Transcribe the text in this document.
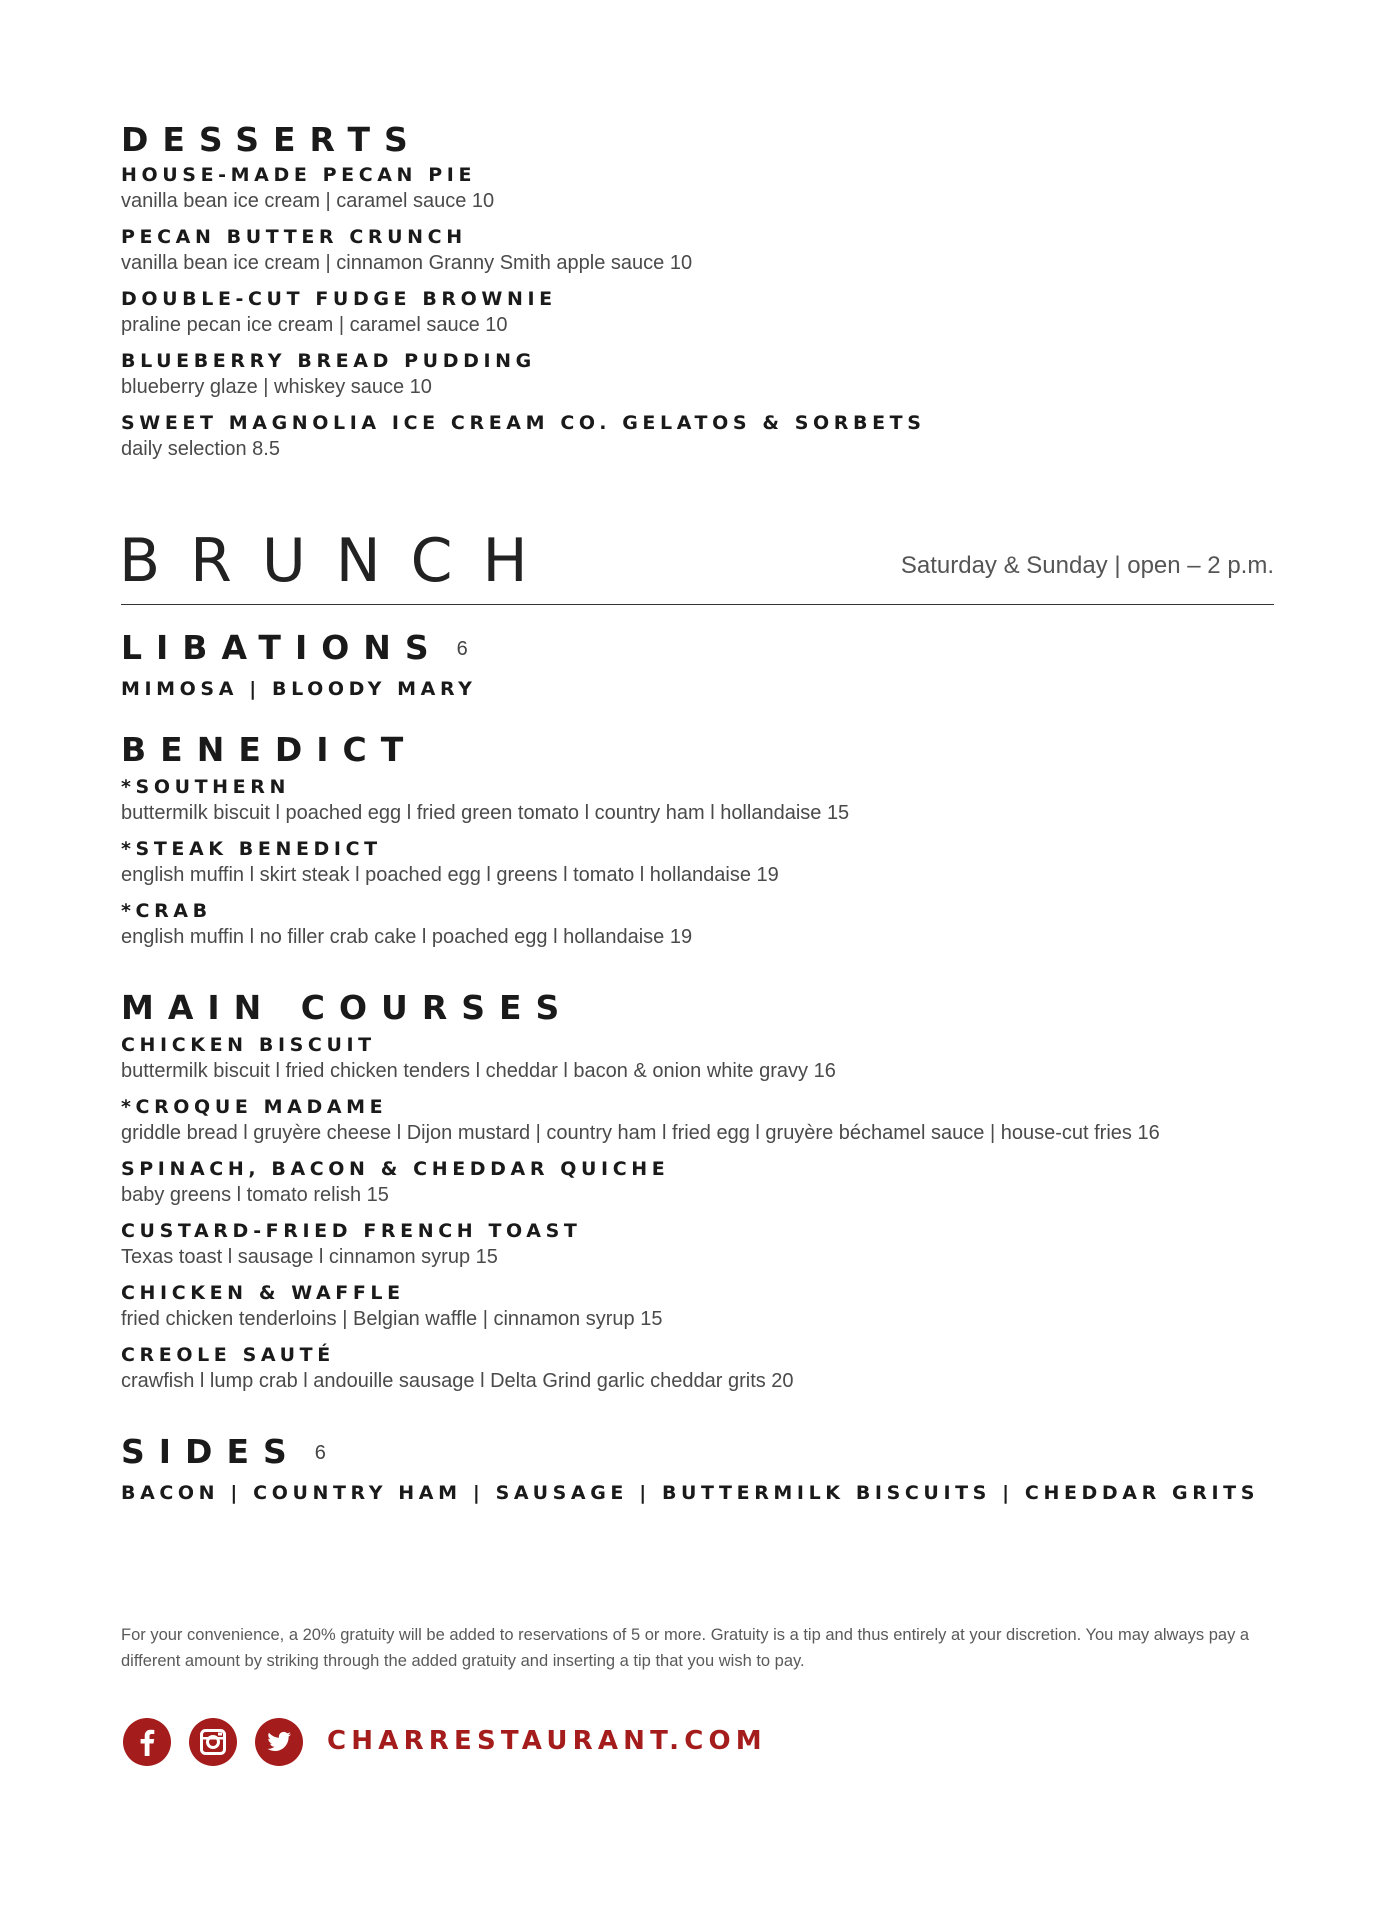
DESSERTS
HOUSE-MADE PECAN PIE
vanilla bean ice cream | caramel sauce 10
PECAN BUTTER CRUNCH
vanilla bean ice cream | cinnamon Granny Smith apple sauce 10
DOUBLE-CUT FUDGE BROWNIE
praline pecan ice cream | caramel sauce 10
BLUEBERRY BREAD PUDDING
blueberry glaze | whiskey sauce 10
SWEET MAGNOLIA ICE CREAM CO. GELATOS & SORBETS
daily selection 8.5
BRUNCH	Saturday & Sunday | open – 2 p.m.
LIBATIONS 6
MIMOSA | BLOODY MARY
BENEDICT
*SOUTHERN
buttermilk biscuit l poached egg l fried green tomato l country ham l hollandaise 15
*STEAK BENEDICT
english muffin l skirt steak l poached egg l greens l tomato l hollandaise 19
*CRAB
english muffin l no filler crab cake l poached egg l hollandaise 19
MAIN COURSES
CHICKEN BISCUIT
buttermilk biscuit l fried chicken tenders l cheddar l bacon & onion white gravy 16
*CROQUE MADAME
griddle bread l gruyère cheese l Dijon mustard | country ham l fried egg l gruyère béchamel sauce | house-cut fries 16
SPINACH, BACON & CHEDDAR QUICHE
baby greens l tomato relish 15
CUSTARD-FRIED FRENCH TOAST
Texas toast l sausage l cinnamon syrup 15
CHICKEN & WAFFLE
fried chicken tenderloins | Belgian waffle | cinnamon syrup 15
CREOLE SAUTÉ
crawfish l lump crab l andouille sausage l Delta Grind garlic cheddar grits 20
SIDES 6
BACON | COUNTRY HAM | SAUSAGE | BUTTERMILK BISCUITS | CHEDDAR GRITS

For your convenience, a 20% gratuity will be added to reservations of 5 or more. Gratuity is a tip and thus entirely at your discretion. You may always pay a different amount by striking through the added gratuity and inserting a tip that you wish to pay.

CHARRESTAURANT.COM
